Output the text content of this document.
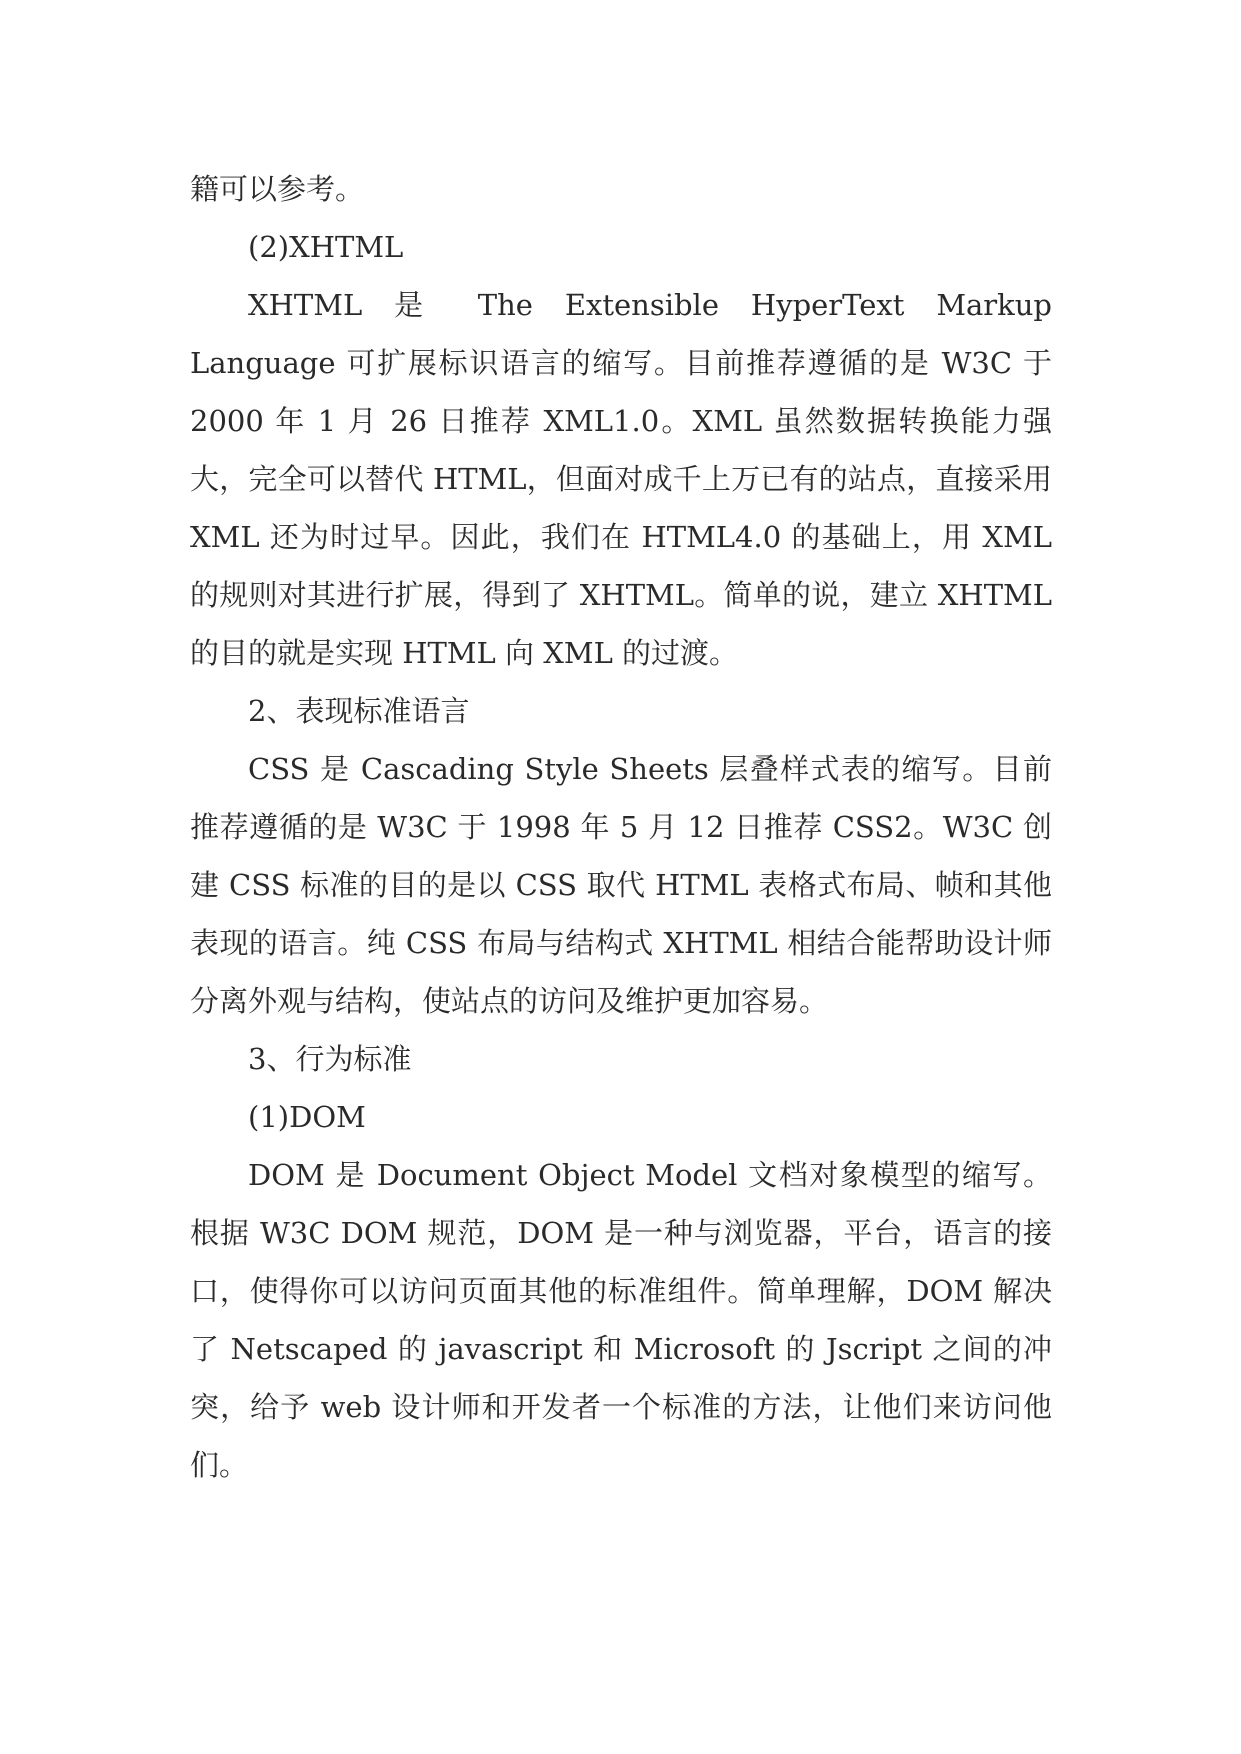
籍可以参考。

(2)XHTML

XHTML 是 The Extensible HyperText Markup Language 可扩展标识语言的缩写。目前推荐遵循的是 W3C 于 2000 年 1 月 26 日推荐 XML1.0。XML 虽然数据转换能力强大，完全可以替代 HTML，但面对成千上万已有的站点，直接采用 XML 还为时过早。因此，我们在 HTML4.0 的基础上，用 XML 的规则对其进行扩展，得到了 XHTML。简单的说，建立 XHTML 的目的就是实现 HTML 向 XML 的过渡。

2、表现标准语言

CSS 是 Cascading Style Sheets 层叠样式表的缩写。目前推荐遵循的是 W3C 于 1998 年 5 月 12 日推荐 CSS2。W3C 创建 CSS 标准的目的是以 CSS 取代 HTML 表格式布局、帧和其他表现的语言。纯 CSS 布局与结构式 XHTML 相结合能帮助设计师分离外观与结构，使站点的访问及维护更加容易。

3、行为标准

(1)DOM

DOM 是 Document Object Model 文档对象模型的缩写。根据 W3C DOM 规范，DOM 是一种与浏览器，平台，语言的接口，使得你可以访问页面其他的标准组件。简单理解，DOM 解决了 Netscaped 的 javascript 和 Microsoft 的 Jscript 之间的冲突，给予 web 设计师和开发者一个标准的方法，让他们来访问他们。
